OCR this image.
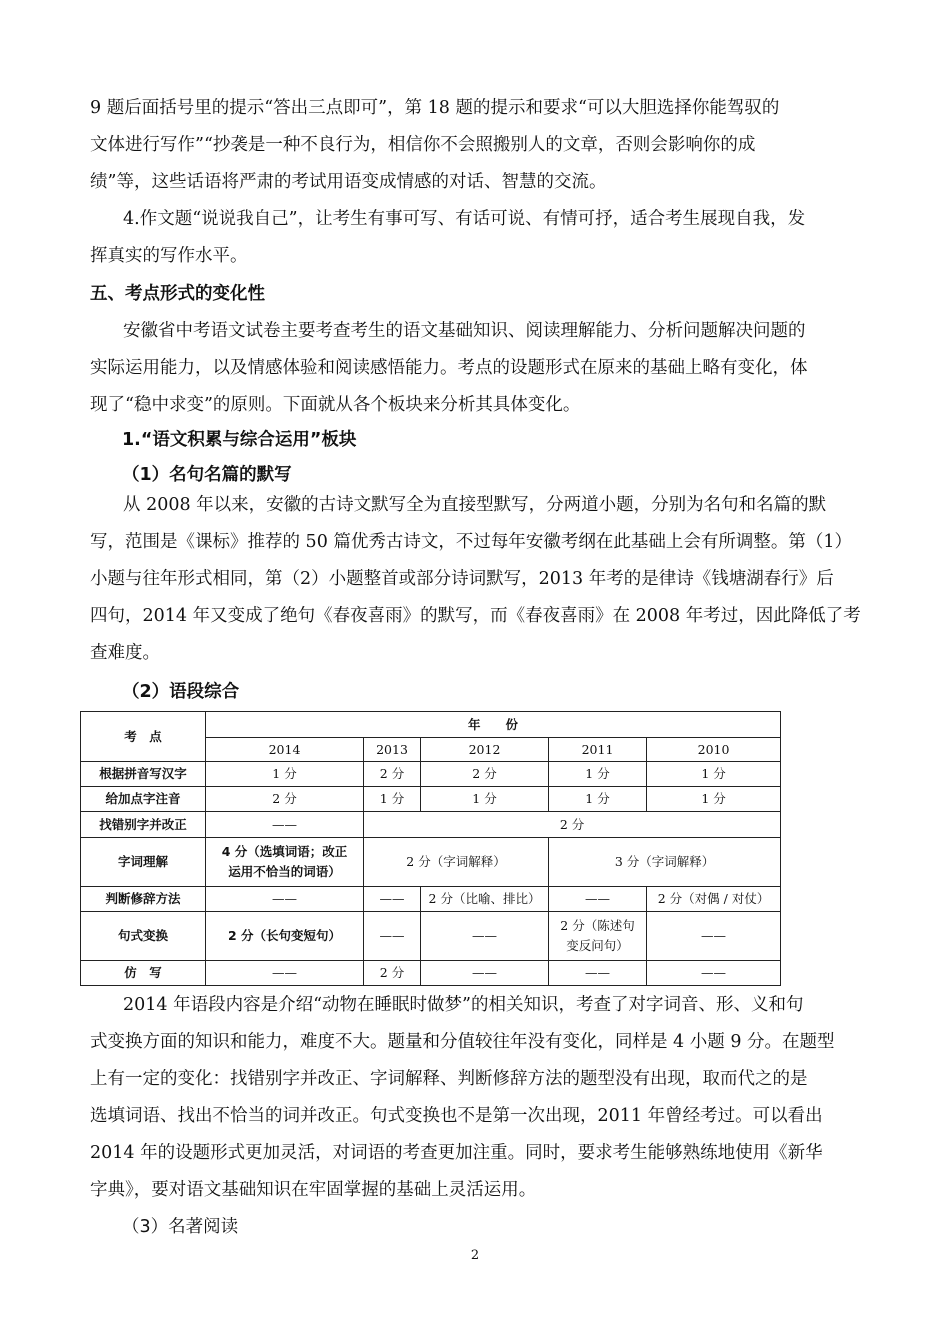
9 题后面括号里的提示“答出三点即可”，第 18 题的提示和要求“可以大胆选择你能驾驭的
文体进行写作”“抄袭是一种不良行为，相信你不会照搬别人的文章，否则会影响你的成
绩”等，这些话语将严肃的考试用语变成情感的对话、智慧的交流。
4.作文题“说说我自己”，让考生有事可写、有话可说、有情可抒，适合考生展现自我，发
挥真实的写作水平。
五、考点形式的变化性
安徽省中考语文试卷主要考查考生的语文基础知识、阅读理解能力、分析问题解决问题的
实际运用能力，以及情感体验和阅读感悟能力。考点的设题形式在原来的基础上略有变化，体
现了“稳中求变”的原则。下面就从各个板块来分析其具体变化。
1.“语文积累与综合运用”板块
（1）名句名篇的默写
从 2008 年以来，安徽的古诗文默写全为直接型默写，分两道小题，分别为名句和名篇的默
写，范围是《课标》推荐的 50 篇优秀古诗文，不过每年安徽考纲在此基础上会有所调整。第（1）
小题与往年形式相同，第（2）小题整首或部分诗词默写，2013 年考的是律诗《钱塘湖春行》后
四句，2014 年又变成了绝句《春夜喜雨》的默写，而《春夜喜雨》在 2008 年考过，因此降低了考
查难度。
（2）语段综合
考　点	年　　份				
	2014	2013	2012	2011	2010
根据拼音写汉字	1 分	2 分	2 分	1 分	1 分
给加点字注音	2 分	1 分	1 分	1 分	1 分
找错别字并改正	——	2 分			
字词理解	4 分（选填词语；改正
运用不恰当的词语）	2 分（字词解释）		3 分（字词解释）	
判断修辞方法	——	——	2 分（比喻、排比）	——	2 分（对偶 / 对仗）
句式变换	2 分（长句变短句）	——	——	2 分（陈述句
变反问句）	——
仿　写	——	2 分	——	——	——
2014 年语段内容是介绍“动物在睡眠时做梦”的相关知识，考查了对字词音、形、义和句
式变换方面的知识和能力，难度不大。题量和分值较往年没有变化，同样是 4 小题 9 分。在题型
上有一定的变化：找错别字并改正、字词解释、判断修辞方法的题型没有出现，取而代之的是
选填词语、找出不恰当的词并改正。句式变换也不是第一次出现，2011 年曾经考过。可以看出
2014 年的设题形式更加灵活，对词语的考查更加注重。同时，要求考生能够熟练地使用《新华
字典》，要对语文基础知识在牢固掌握的基础上灵活运用。
（3）名著阅读
2
